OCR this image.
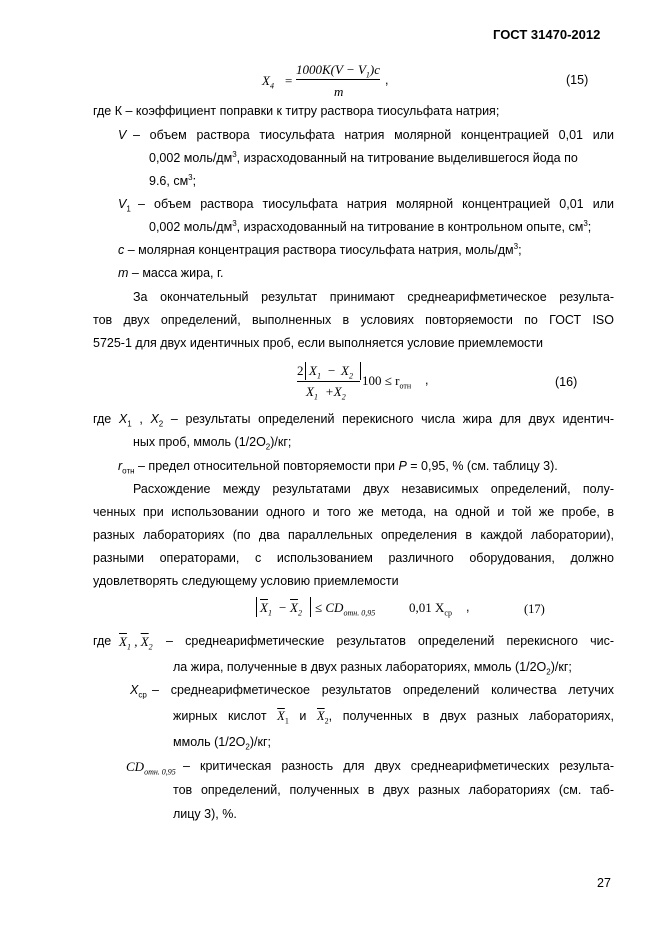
ГОСТ 31470-2012
$X_4$ =
$1000K(V - V_1)c$
m
,	(15)
где К – коэффициент поправки к титру раствора тиосульфата натрия;
V – объем раствора тиосульфата натрия молярной концентрацией 0,01 или
0,002 моль/$дм^3$, израсходованный на титрование выделившегося йода по
9.6, $см^3$;
$V_1$ – объем раствора тиосульфата натрия молярной концентрацией 0,01 или
0,002 моль/$дм^3$, израсходованный на титрование в контрольном опыте, $см^3$;
c – молярная концентрация раствора тиосульфата натрия, моль/$дм^3$;
m – масса жира, г.
За окончательный результат принимают среднеарифметическое результа-
тов двух определений, выполненных в условиях повторяемости по ГОСТ ISO
5725-1 для двух идентичных проб, если выполняется условие приемлемости
2 $X_1 - X_2$
$X_1 +X_2$
$100 \le r_{отн}$ ,	(16)
где $X_1$ , $X_2$ – результаты определений перекисного числа жира для двух идентич-
ных проб, ммоль $(1/2O_2)/кг$;
$r_{отн}$ – предел относительной повторяемости при P = 0,95, % (см. таблицу 3).
Расхождение между результатами двух независимых определений, полу-
ченных при использовании одного и того же метода, на одной и той же пробе, в
разных лабораториях (по два параллельных определения в каждой лаборатории),
разными операторами, с использованием различного оборудования, должно
удовлетворять следующему условию приемлемости
$\overline{X}_1 - \overline{X}_2 \le CD_{отн. 0,95}$	0,01 $X_{ср}$ ,	(17)
где $\overline{X}_1$ , $\overline{X}_2$ – среднеарифметические результатов определений перекисного чис-
ла жира, полученные в двух разных лабораториях, ммоль $(1/2O_2)/кг$;
$X_{ср}$ – среднеарифметическое результатов определений количества летучих
жирных кислот $\overline{X}_1$ и $\overline{X}_2$, полученных в двух разных лабораториях,
ммоль $(1/2O_2)/кг$;
$CD_{отн. 0,95}$ – критическая разность для двух среднеарифметических результа-
тов определений, полученных в двух разных лабораториях (см. таб-
лицу 3), %.
27
